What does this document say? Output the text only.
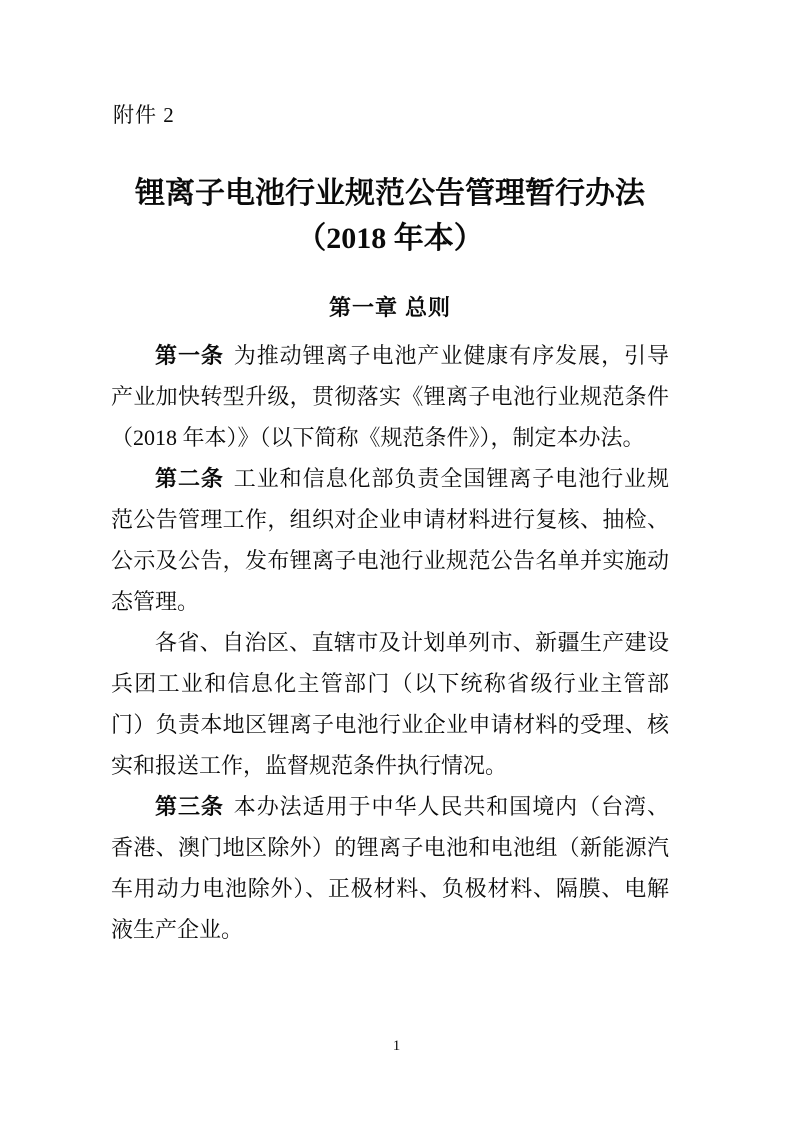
附件 2
锂离子电池行业规范公告管理暂行办法
（2018 年本）
第一章 总则

第一条 为推动锂离子电池产业健康有序发展，引导产业加快转型升级，贯彻落实《锂离子电池行业规范条件（2018 年本）》（以下简称《规范条件》），制定本办法。

第二条 工业和信息化部负责全国锂离子电池行业规范公告管理工作，组织对企业申请材料进行复核、抽检、公示及公告，发布锂离子电池行业规范公告名单并实施动态管理。

各省、自治区、直辖市及计划单列市、新疆生产建设兵团工业和信息化主管部门（以下统称省级行业主管部门）负责本地区锂离子电池行业企业申请材料的受理、核实和报送工作，监督规范条件执行情况。

第三条 本办法适用于中华人民共和国境内（台湾、香港、澳门地区除外）的锂离子电池和电池组（新能源汽车用动力电池除外）、正极材料、负极材料、隔膜、电解液生产企业。

1
